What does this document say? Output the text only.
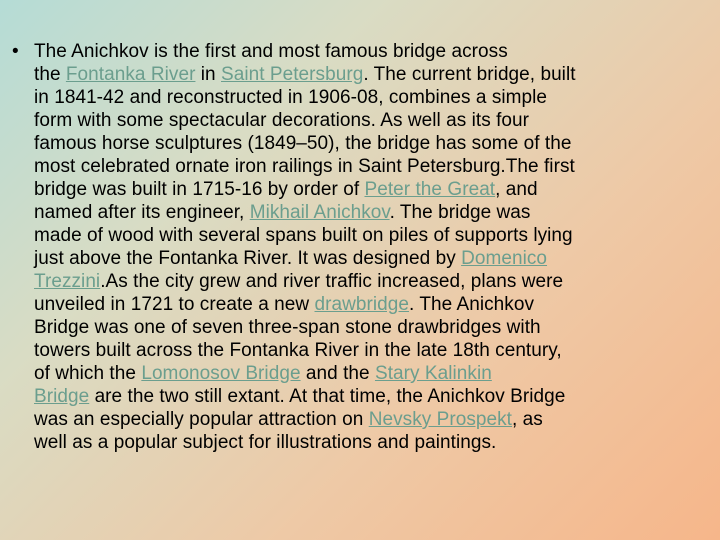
• The Anichkov is the first and most famous bridge across
the Fontanka River in Saint Petersburg. The current bridge, built
in 1841-42 and reconstructed in 1906-08, combines a simple
form with some spectacular decorations. As well as its four
famous horse sculptures (1849–50), the bridge has some of the
most celebrated ornate iron railings in Saint Petersburg.The first
bridge was built in 1715-16 by order of Peter the Great, and
named after its engineer, Mikhail Anichkov. The bridge was
made of wood with several spans built on piles of supports lying
just above the Fontanka River. It was designed by Domenico
Trezzini.As the city grew and river traffic increased, plans were
unveiled in 1721 to create a new drawbridge. The Anichkov
Bridge was one of seven three-span stone drawbridges with
towers built across the Fontanka River in the late 18th century,
of which the Lomonosov Bridge and the Stary Kalinkin
Bridge are the two still extant. At that time, the Anichkov Bridge
was an especially popular attraction on Nevsky Prospekt, as
well as a popular subject for illustrations and paintings.
